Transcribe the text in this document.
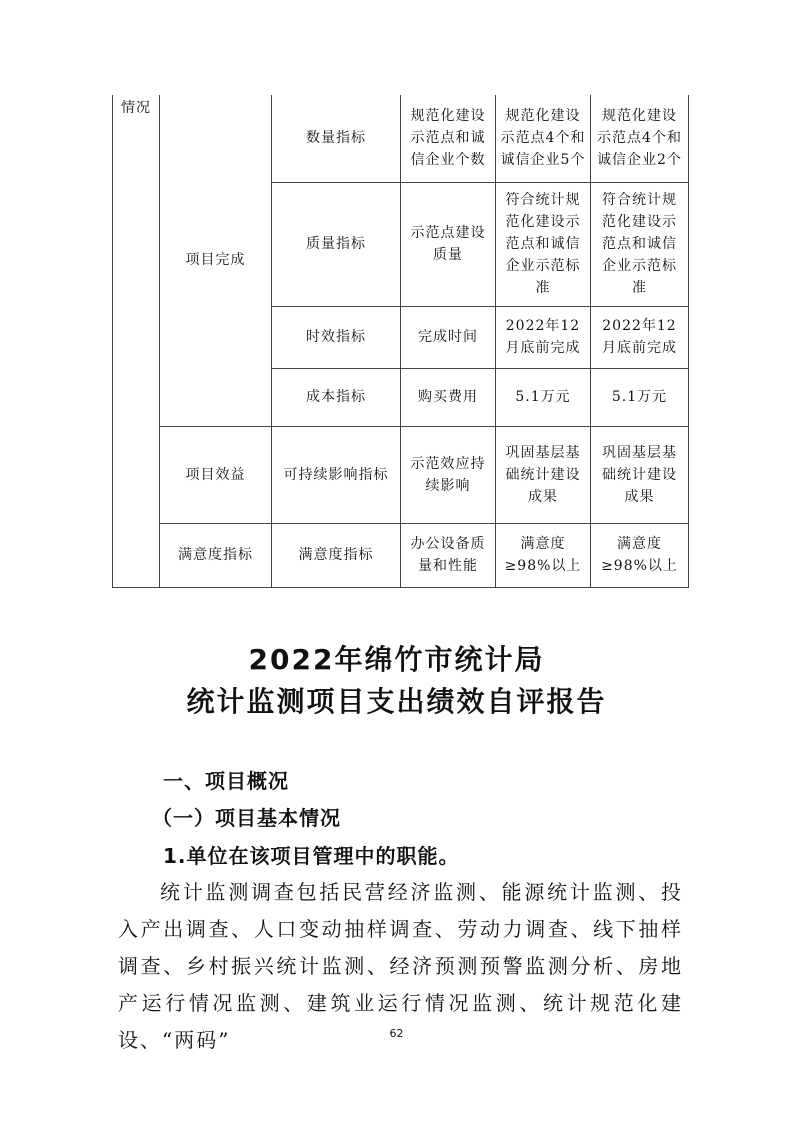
情况	项目完成	数量指标	规范化建设示范点和诚信企业个数	规范化建设示范点4个和诚信企业5个	规范化建设示范点4个和诚信企业2个
		质量指标	示范点建设质量	符合统计规范化建设示范点和诚信企业示范标准	符合统计规范化建设示范点和诚信企业示范标准
		时效指标	完成时间	2022年12月底前完成	2022年12月底前完成
		成本指标	购买费用	5.1万元	5.1万元
	项目效益	可持续影响指标	示范效应持续影响	巩固基层基础统计建设成果	巩固基层基础统计建设成果
	满意度指标	满意度指标	办公设备质量和性能	满意度≥98%以上	满意度≥98%以上
2022年绵竹市统计局
统计监测项目支出绩效自评报告
一、项目概况
（一）项目基本情况
1.单位在该项目管理中的职能。

统计监测调查包括民营经济监测、能源统计监测、投入产出调查、人口变动抽样调查、劳动力调查、线下抽样调查、乡村振兴统计监测、经济预测预警监测分析、房地产运行情况监测、建筑业运行情况监测、统计规范化建设、“两码”	62
